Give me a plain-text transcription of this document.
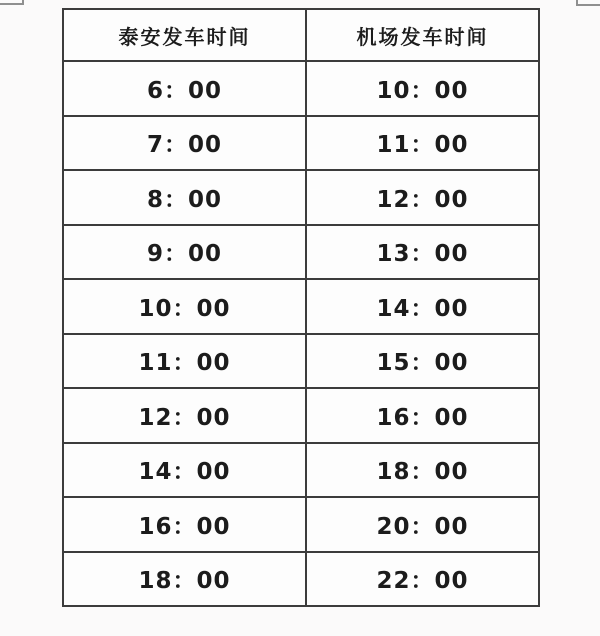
泰安发车时间	机场发车时间
6：00	10：00
7：00	11：00
8：00	12：00
9：00	13：00
10：00	14：00
11：00	15：00
12：00	16：00
14：00	18：00
16：00	20：00
18：00	22：00
